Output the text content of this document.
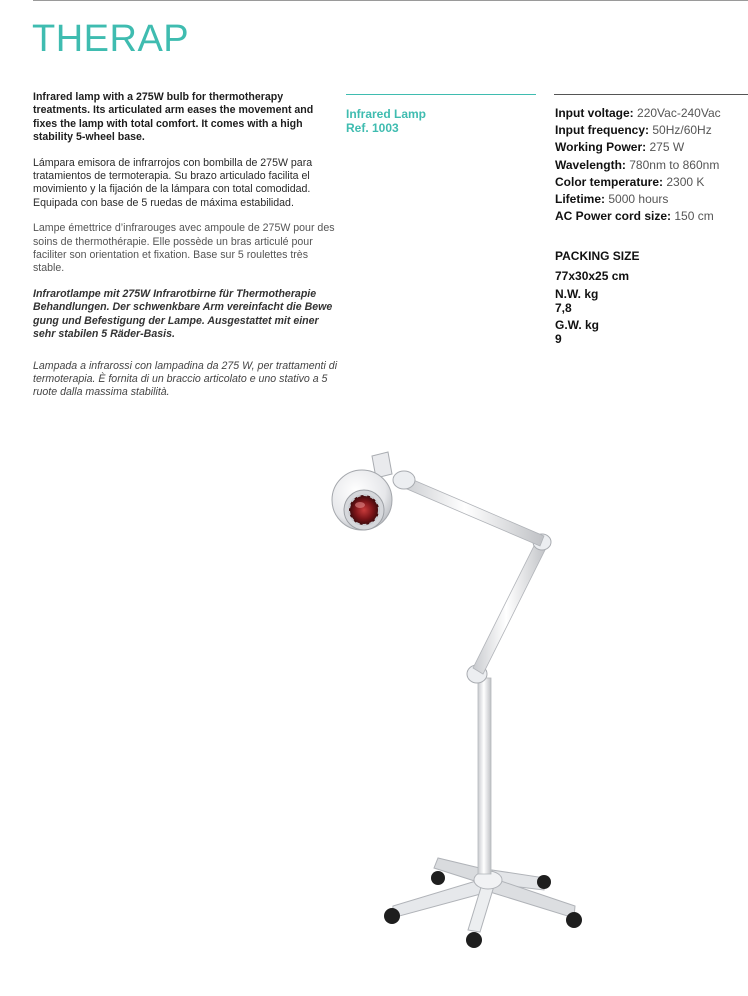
THERAP

Infrared lamp with a 275W bulb for thermotherapy treatments. Its articulated arm eases the movement and fixes the lamp with total comfort. It comes with a high stability 5-wheel base.

Lámpara emisora de infrarrojos con bombilla de 275W para tratamientos de termoterapia. Su brazo articulado facilita el movimiento y la fijación de la lámpara con total comodidad. Equipada con base de 5 ruedas de máxima estabilidad.

Lampe émettrice d’infrarouges avec ampoule de 275W pour des soins de thermothérapie. Elle possède un bras articulé pour faciliter son orientation et fixation. Base sur 5 roulettes très stable.

Infrarotlampe mit 275W Infrarotbirne für Thermotherapie Behandlungen. Der schwenkbare Arm vereinfacht die Bewe gung und Befestigung der Lampe. Ausgestattet mit einer sehr stabilen 5 Räder-Basis.

Lampada a infrarossi con lampadina da 275 W, per trattamenti di termoterapia. È fornita di un braccio articolato e uno stativo a 5 ruote dalla massima stabilità.

Infrared Lamp
Ref. 1003
Input voltage: 220Vac-240Vac
Input frequency: 50Hz/60Hz
Working Power: 275 W
Wavelength: 780nm to 860nm
Color temperature: 2300 K
Lifetime: 5000 hours
AC Power cord size: 150 cm
PACKING SIZE
77x30x25 cm
N.W. kg
7,8
G.W. kg
9
